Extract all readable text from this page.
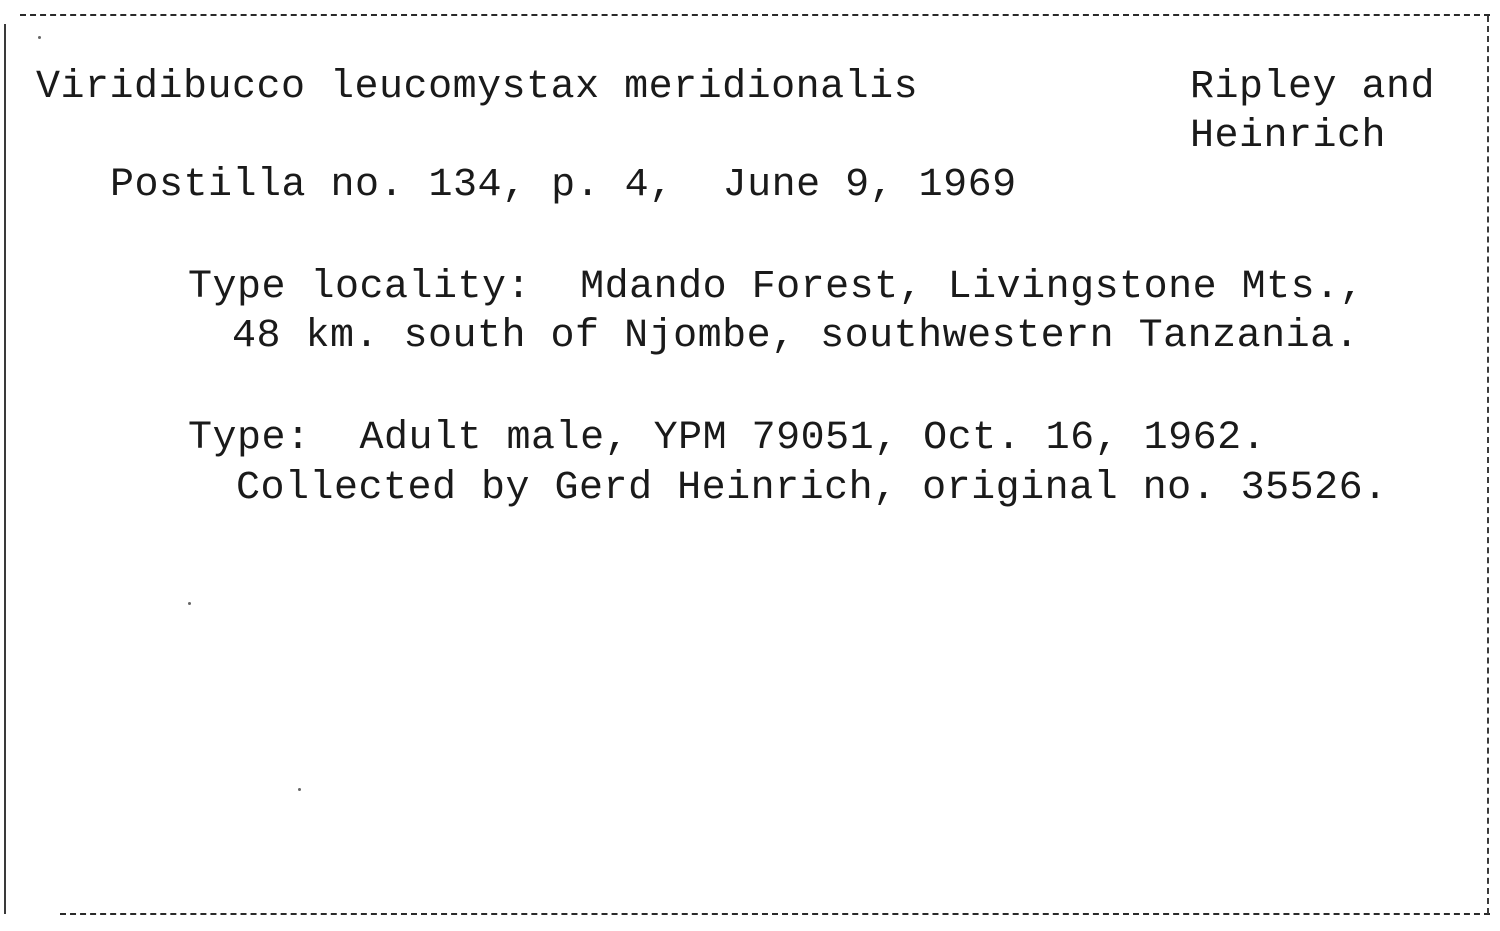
Viridibucco leucomystax meridionalis	Ripley and
Heinrich
Postilla no. 134, p. 4,  June 9, 1969
Type locality:  Mdando Forest, Livingstone Mts.,
48 km. south of Njombe, southwestern Tanzania.
Type:  Adult male, YPM 79051, Oct. 16, 1962.
Collected by Gerd Heinrich, original no. 35526.
